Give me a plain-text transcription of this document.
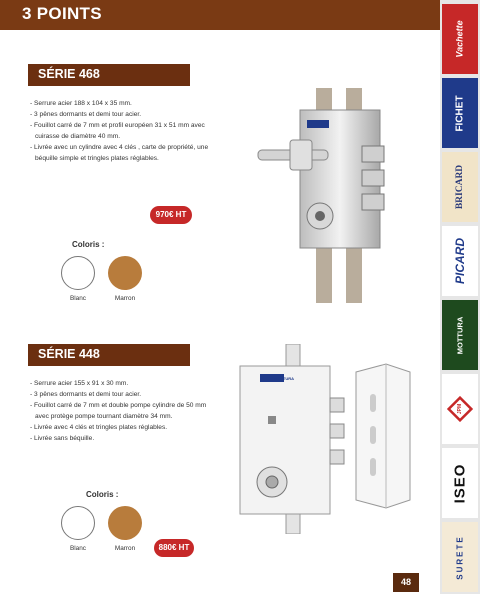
3 POINTS
SÉRIE 468
- Serrure acier 188 x 104 x 35 mm.
- 3 pênes dormants et demi tour acier.
- Fouillot carré de 7 mm et profil européen 31 x 51 mm avec cuirasse de diamètre 40 mm.
- Livrée avec un cylindre avec 4 clés , carte de propriété, une béquille simple et tringles plates réglables.
970€ HT
Coloris :
Blanc	Marron
SÉRIE 448
- Serrure acier 155 x 91 x 30 mm.
- 3 pênes dormants et demi tour acier.
- Fouillot carré de 7 mm et double pompe cylindre de 50 mm avec protège pompe tournant diamètre 34 mm.
- Livrée avec 4 clés et tringles plates réglables.
- Livrée sans béquille.
Coloris :
Blanc	Marron	880€ HT
MOTTURA
Vachette
FICHET
BRICARD
PICARD
MOTTURA
JPM
ISEO
SURETE
48
